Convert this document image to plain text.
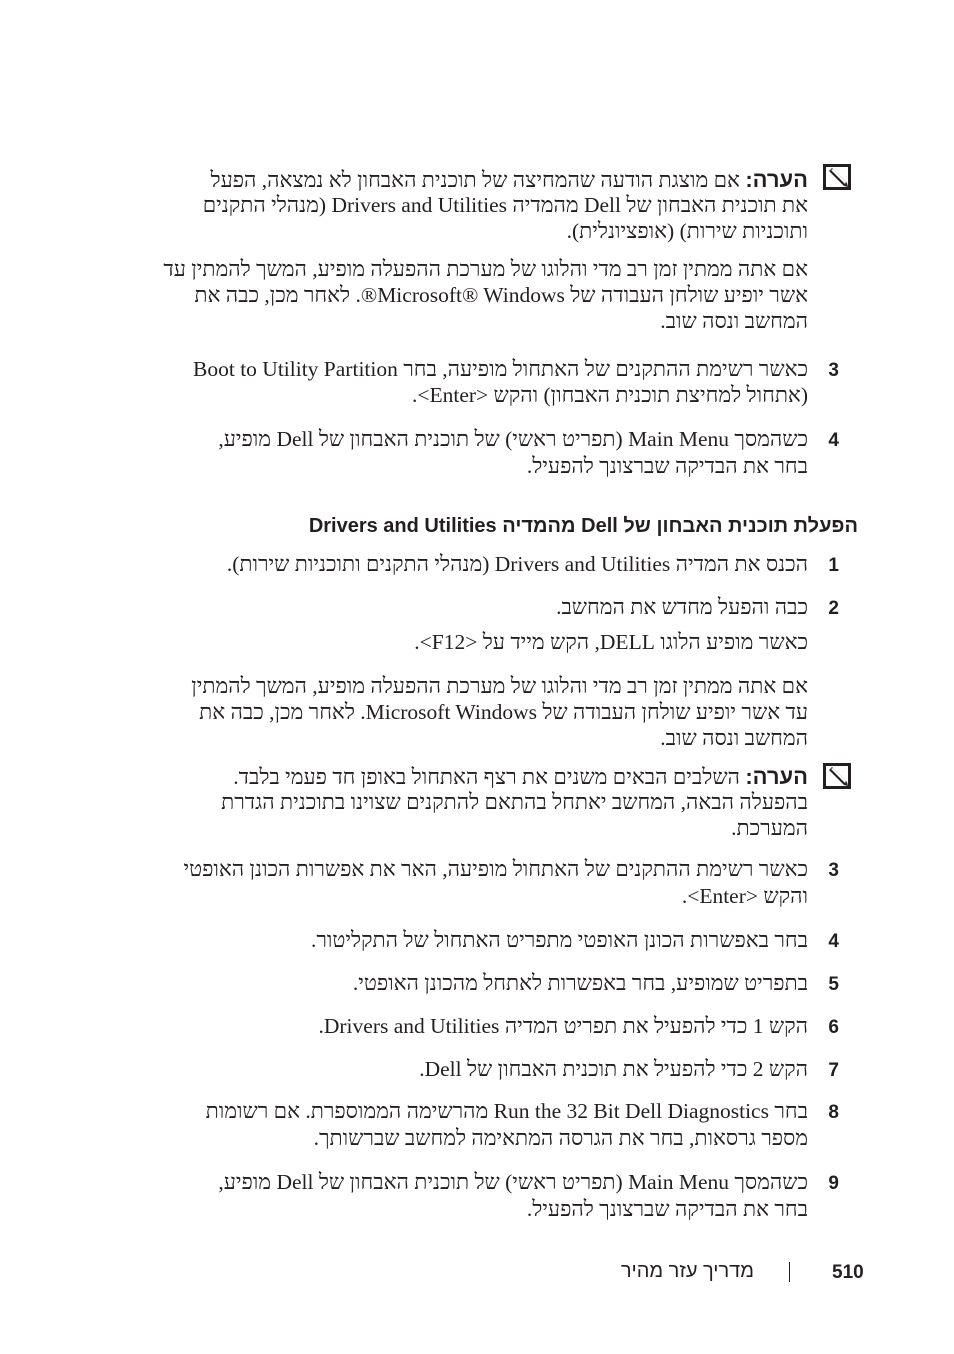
הערה: אם מוצגת הודעה שהמחיצה של תוכנית האבחון לא נמצאה, הפעל
את תוכנית האבחון של Dell מהמדיה Drivers and Utilities (מנהלי התקנים
ותוכניות שירות) (אופציונלית).
אם אתה ממתין זמן רב מדי והלוגו של מערכת ההפעלה מופיע, המשך להמתין עד
אשר יופיע שולחן העבודה של Microsoft® Windows®. לאחר מכן, כבה את
המחשב ונסה שוב.
3
כאשר רשימת ההתקנים של האתחול מופיעה, בחר Boot to Utility Partition
(אתחול למחיצת תוכנית האבחון) והקש <Enter>.
4
כשהמסך Main Menu (תפריט ראשי) של תוכנית האבחון של Dell מופיע,
בחר את הבדיקה שברצונך להפעיל.
הפעלת תוכנית האבחון של Dell מהמדיה Drivers and Utilities
1
הכנס את המדיה Drivers and Utilities (מנהלי התקנים ותוכניות שירות).
2
כבה והפעל מחדש את המחשב.
כאשר מופיע הלוגו DELL, הקש מייד על <F12>.
אם אתה ממתין זמן רב מדי והלוגו של מערכת ההפעלה מופיע, המשך להמתין
עד אשר יופיע שולחן העבודה של Microsoft Windows. לאחר מכן, כבה את
המחשב ונסה שוב.
הערה: השלבים הבאים משנים את רצף האתחול באופן חד פעמי בלבד.
בהפעלה הבאה, המחשב יאתחל בהתאם להתקנים שצוינו בתוכנית הגדרת
המערכת.
3
כאשר רשימת ההתקנים של האתחול מופיעה, האר את אפשרות הכונן האופטי
והקש <Enter>.
4
בחר באפשרות הכונן האופטי מתפריט האתחול של התקליטור.
5
בתפריט שמופיע, בחר באפשרות לאתחל מהכונן האופטי.
6
הקש 1 כדי להפעיל את תפריט המדיה Drivers and Utilities.
7
הקש 2 כדי להפעיל את תוכנית האבחון של Dell.
8
בחר Run the 32 Bit Dell Diagnostics מהרשימה הממוספרת. אם רשומות
מספר גרסאות, בחר את הגרסה המתאימה למחשב שברשותך.
9
כשהמסך Main Menu (תפריט ראשי) של תוכנית האבחון של Dell מופיע,
בחר את הבדיקה שברצונך להפעיל.
510
מדריך עזר מהיר
